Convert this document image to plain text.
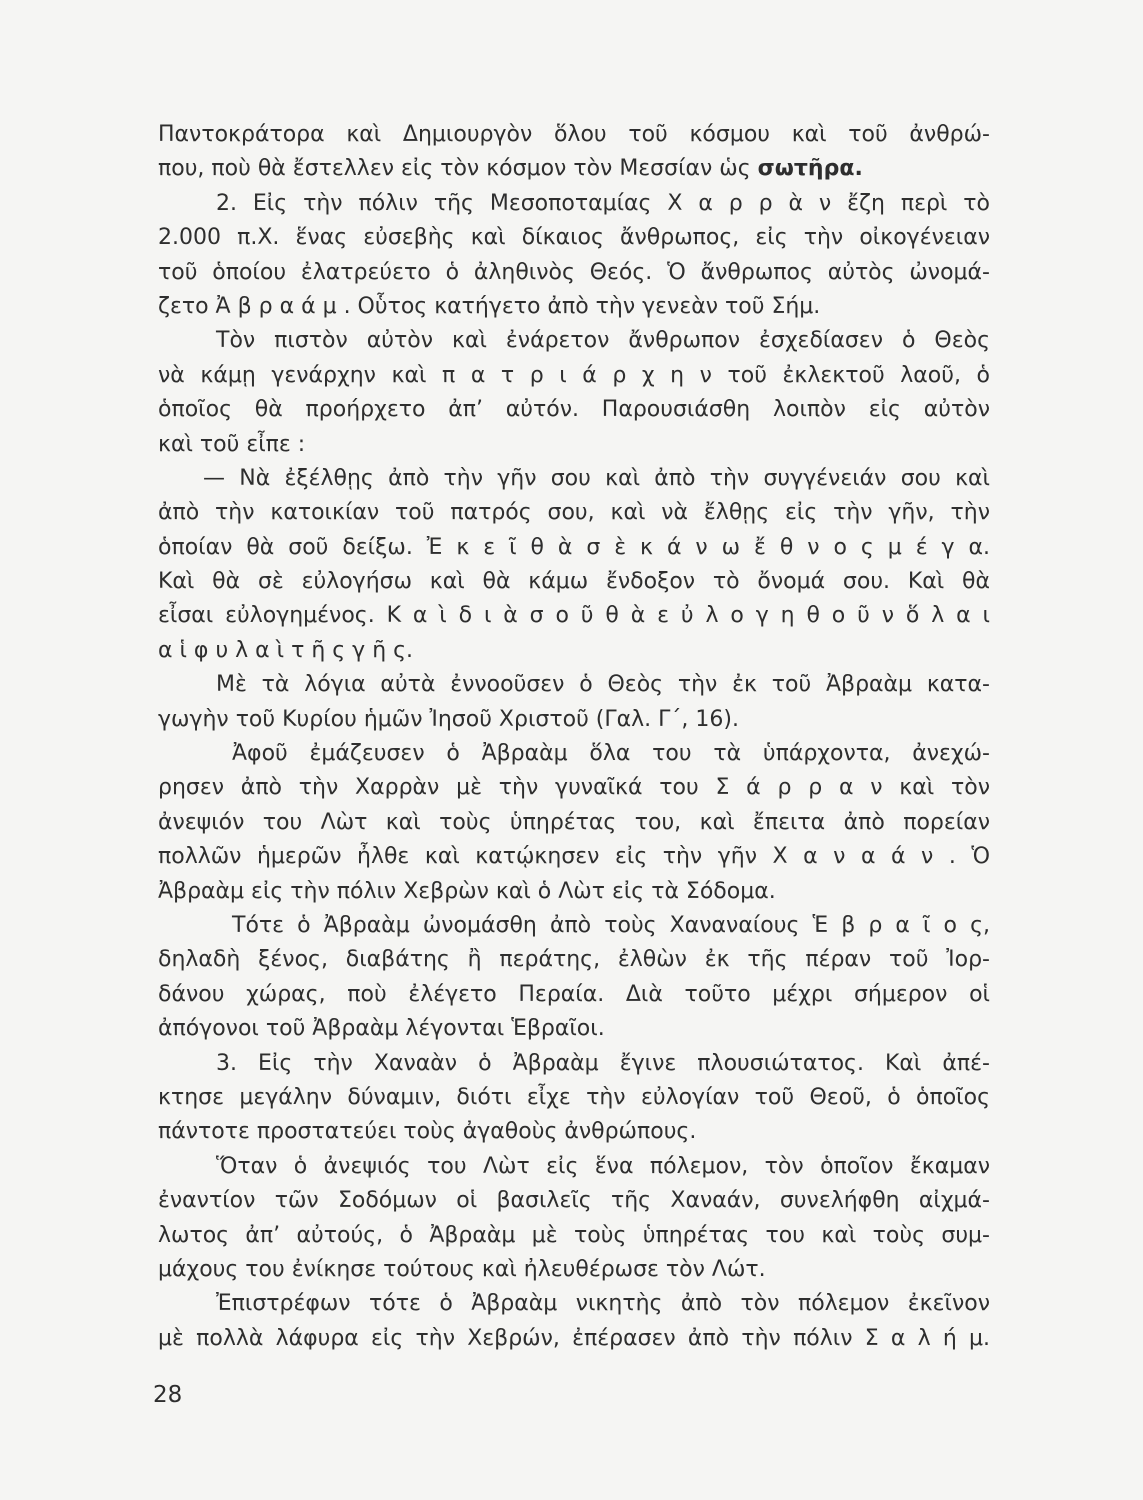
Παντοκράτορα καὶ Δημιουργὸν ὅλου τοῦ κόσμου καὶ τοῦ ἀνθρώ-
που, ποὺ θὰ ἔστελλεν εἰς τὸν κόσμον τὸν Μεσσίαν ὡς σωτῆρα.
2. Εἰς τὴν πόλιν τῆς Μεσοποταμίας Χ α ρ ρ ὰ ν ἔζη περὶ τὸ
2.000 π.Χ. ἕνας εὐσεβὴς καὶ δίκαιος ἄνθρωπος, εἰς τὴν οἰκογένειαν
τοῦ ὁποίου ἐλατρεύετο ὁ ἀληθινὸς Θεός. Ὁ ἄνθρωπος αὐτὸς ὠνομά-
ζετο Ἀ β ρ α ά μ . Οὗτος κατήγετο ἀπὸ τὴν γενεὰν τοῦ Σήμ.
Τὸν πιστὸν αὐτὸν καὶ ἐνάρετον ἄνθρωπον ἐσχεδίασεν ὁ Θεὸς
νὰ κάμῃ γενάρχην καὶ π α τ ρ ι ά ρ χ η ν τοῦ ἐκλεκτοῦ λαοῦ, ὁ
ὁποῖος θὰ προήρχετο ἀπ’ αὐτόν. Παρουσιάσθη λοιπὸν εἰς αὐτὸν
καὶ τοῦ εἶπε :
— Νὰ ἐξέλθῃς ἀπὸ τὴν γῆν σου καὶ ἀπὸ τὴν συγγένειάν σου καὶ
ἀπὸ τὴν κατοικίαν τοῦ πατρός σου, καὶ νὰ ἔλθῃς εἰς τὴν γῆν, τὴν
ὁποίαν θὰ σοῦ δείξω. Ἐ κ ε ῖ θ ὰ σ ὲ κ ά ν ω ἔ θ ν ο ς μ έ γ α.
Καὶ θὰ σὲ εὐλογήσω καὶ θὰ κάμω ἔνδοξον τὸ ὄνομά σου. Καὶ θὰ
εἶσαι εὐλογημένος. Κ α ὶ δ ι ὰ σ ο ῦ θ ὰ ε ὐ λ ο γ η θ ο ῦ ν ὅ λ α ι
α ἱ φ υ λ α ὶ τ ῆ ς γ ῆ ς.
Μὲ τὰ λόγια αὐτὰ ἐννοοῦσεν ὁ Θεὸς τὴν ἐκ τοῦ Ἀβραὰμ κατα-
γωγὴν τοῦ Κυρίου ἡμῶν Ἰησοῦ Χριστοῦ (Γαλ. Γ΄, 16).
Ἀφοῦ ἐμάζευσεν ὁ Ἀβραὰμ ὅλα του τὰ ὑπάρχοντα, ἀνεχώ-
ρησεν ἀπὸ τὴν Χαρρὰν μὲ τὴν γυναῖκά του Σ ά ρ ρ α ν καὶ τὸν
ἀνεψιόν του Λὼτ καὶ τοὺς ὑπηρέτας του, καὶ ἔπειτα ἀπὸ πορείαν
πολλῶν ἡμερῶν ἦλθε καὶ κατῴκησεν εἰς τὴν γῆν Χ α ν α ά ν . Ὁ
Ἀβραὰμ εἰς τὴν πόλιν Χεβρὼν καὶ ὁ Λὼτ εἰς τὰ Σόδομα.
Τότε ὁ Ἀβραὰμ ὠνομάσθη ἀπὸ τοὺς Χαναναίους Ἑ β ρ α ῖ ο ς,
δηλαδὴ ξένος, διαβάτης ἢ περάτης, ἐλθὼν ἐκ τῆς πέραν τοῦ Ἰορ-
δάνου χώρας, ποὺ ἐλέγετο Περαία. Διὰ τοῦτο μέχρι σήμερον οἱ
ἀπόγονοι τοῦ Ἀβραὰμ λέγονται Ἑβραῖοι.
3. Εἰς τὴν Χαναὰν ὁ Ἀβραὰμ ἔγινε πλουσιώτατος. Καὶ ἀπέ-
κτησε μεγάλην δύναμιν, διότι εἶχε τὴν εὐλογίαν τοῦ Θεοῦ, ὁ ὁποῖος
πάντοτε προστατεύει τοὺς ἀγαθοὺς ἀνθρώπους.
Ὅταν ὁ ἀνεψιός του Λὼτ εἰς ἕνα πόλεμον, τὸν ὁποῖον ἔκαμαν
ἐναντίον τῶν Σοδόμων οἱ βασιλεῖς τῆς Χαναάν, συνελήφθη αἰχμά-
λωτος ἀπ’ αὐτούς, ὁ Ἀβραὰμ μὲ τοὺς ὑπηρέτας του καὶ τοὺς συμ-
μάχους του ἐνίκησε τούτους καὶ ἠλευθέρωσε τὸν Λώτ.
Ἐπιστρέφων τότε ὁ Ἀβραὰμ νικητὴς ἀπὸ τὸν πόλεμον ἐκεῖνον
μὲ πολλὰ λάφυρα εἰς τὴν Χεβρών, ἐπέρασεν ἀπὸ τὴν πόλιν Σ α λ ή μ.
28
